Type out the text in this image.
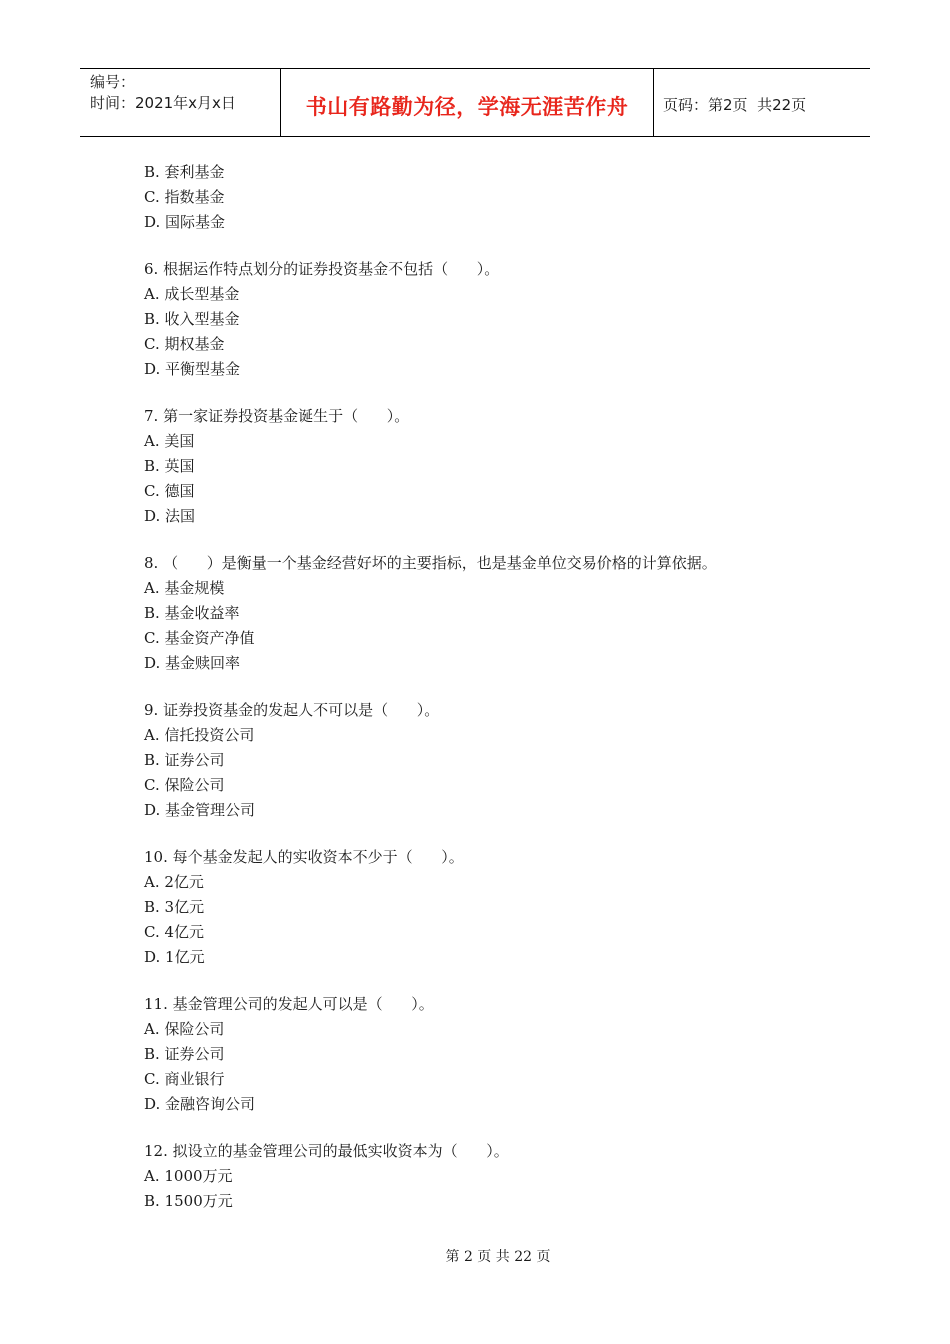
编号：
时间：2021年x月x日	书山有路勤为径，学海无涯苦作舟 页码：第2页  共22页
B. 套利基金
C. 指数基金
D. 国际基金
6. 根据运作特点划分的证券投资基金不包括（      ）。
A. 成长型基金
B. 收入型基金
C. 期权基金
D. 平衡型基金
7. 第一家证券投资基金诞生于（      ）。
A. 美国
B. 英国
C. 德国
D. 法国
8. （      ）是衡量一个基金经营好坏的主要指标，也是基金单位交易价格的计算依据。
A. 基金规模
B. 基金收益率
C. 基金资产净值
D. 基金赎回率
9. 证券投资基金的发起人不可以是（      ）。
A. 信托投资公司
B. 证券公司
C. 保险公司
D. 基金管理公司
10. 每个基金发起人的实收资本不少于（      ）。
A. 2亿元
B. 3亿元
C. 4亿元
D. 1亿元
11. 基金管理公司的发起人可以是（      ）。
A. 保险公司
B. 证券公司
C. 商业银行
D. 金融咨询公司
12. 拟设立的基金管理公司的最低实收资本为（      ）。
A. 1000万元
B. 1500万元
第 2 页 共 22 页
